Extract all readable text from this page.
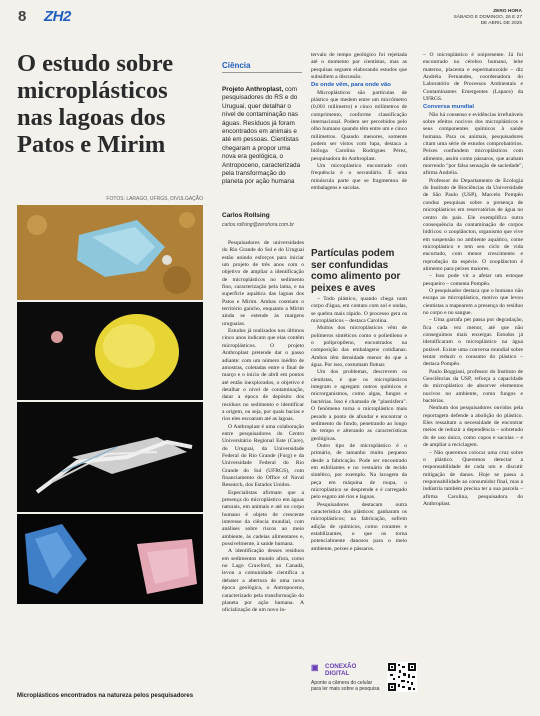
8 ZH2	ZERO HORA
SÁBADO E DOMINGO, 26 E 27 DE ABRIL DE 2025
O estudo sobre microplásticos nas lagoas dos Patos e Mirim
FOTOS: LARAGO, UFRGS, DIVULGAÇÃO
Microplásticos encontrados na natureza pelos pesquisadores
Ciência
Projeto Anthroplast, com pesquisadores do RS e do Uruguai, quer detalhar o nível de contaminação nas águas. Resíduos já foram encontrados em animais e até em pessoas. Cientistas chegaram a propor uma nova era geológica, o Antropoceno, caracterizada pela transformação do planeta por ação humana
Carlos Rollsing
carlos.rollsing@zerohora.com.br

Pesquisadores de universidades do Rio Grande do Sul e do Uruguai estão unindo esforços para iniciar um projeto de três anos com o objetivo de ampliar a identificação de microplásticos no sedimento fino, caracterização pela lama, e na superfície aquática das lagoas dos Patos e Mirim. Ambas costeiam o território gaúcho, enquanto a Mirim ainda se estende às margens uruguaias.

Estudos já realizados nos últimos cinco anos indicam que elas contêm microplásticos. O projeto Anthroplast pretende dar o passo adiante: com um número inédito de amostras, coletadas entre o final de março e o início de abril em pontos até então inexplorados, o objetivo é detalhar o nível de contaminação, datar a época de depósito dos resíduos no sedimento e identificar a origem, ou seja, por quais bacias e rios eles escoaram até as lagoas.

O Anthroplast é uma colaboração entre pesquisadores do Centro Universitário Regional Este (Cure), do Uruguai, da Universidade Federal do Rio Grande (Furg) e da Universidade Federal do Rio Grande do Sul (UFRGS), com financiamento do Office of Naval Research, dos Estados Unidos.

Especialistas afirmam que a presença do microplástico em águas naturais, em animais e até no corpo humano é objeto de crescente interesse da ciência mundial, com análises sobre riscos ao meio ambiente, às cadeias alimentares e, possivelmente, à saúde humana.

A identificação desses resíduos em sedimentos mundo afora, como no Lago Crawford, no Canadá, levou a comunidade científica a debater a abertura de uma nova época geológica, o Antropoceno, caracterizado pela transformação do planeta por ação humana. A oficialização de um novo in-

tervalo de tempo geológico foi rejeitada até o momento por cientistas, mas as pesquisas seguem elaborando estudos que subsidiem a discussão.

De onde vêm, para onde vão

Microplásticos são partículas de plástico que medem entre um micrômetro (0,001 milímetro) e cinco milímetros de comprimento, conforme classificação internacional. Podem ser percebidos pelo olho humano quando têm entre um e cinco milímetros. Quando menores, somente podem ser vistos com lupa, destaca a bióloga Carolina Rodrigues Pérez, pesquisadora do Anthroplast.

Um microplástico encontrado com frequência é o secundário. É uma minúscula parte que se fragmentou de embalagens e sacolas.

Partículas podem ser confundidas como alimento por peixes e aves

– Todo plástico, quando chega num corpo d'água, em contato com sol e ondas, se quebra mais rápido. O processo gera os microplásticos – destaca Carolina.

Muitos dos microplásticos vêm de polímeros sintéticos como o polietileno e o polipropileno, encontrados na composição das embalagens cotidianas. Ambos têm densidade menor do que a água. Por isso, costumam flutuar.

Um dos problemas, descrevem os cientistas, é que os microplásticos integram e agregam outros químicos e microrganismos, como algas, fungos e bactérias. Isso é chamado de "plastisfera". O fenômeno torna o microplástico mais pesado a ponto de afundar e encontrar o sedimento do fundo, penetrando ao longo do tempo e alterando as características geológicas.

Outro tipo de microplástico é o primário, de tamanho muito pequeno desde a fabricação. Pode ser encontrado em esfoliantes e no vestuário de tecido sintético, por exemplo. Na lavagem da peça em máquina de roupa, o microplástico se desprende e é carregado pelo esgoto até rios e lagoas.

Pesquisadores destacam outra característica dos plásticos: ganharam os microplásticos; na fabricação, sofrem adição de químicos, como corantes e estabilizantes, o que os torna potencialmente danosos para o meio ambiente, peixes e pássaros.

▣	CONEXÃO DIGITAL
Aponte a câmera do celular para ler mais sobre a pesquisa

– O microplástico é onipresente. Já foi encontrado no cérebro humano, leite materno, placenta e espermatozoide – diz Andréia Fernandes, coordenadora do Laboratório de Processos Ambientais e Contaminantes Emergentes (Lapace) da UFRGS.

Conversa mundial

Não há consenso e evidências irrefutáveis sobre efeitos nocivos dos microplásticos e seus componentes químicos à saúde humana. Para os animais, pesquisadores citam uma série de estudos comprobatórios. Peixes confundem microplásticos com alimento, assim como pássaros, que acabam morrendo "por falsa sensação de saciedade", afirma Andréia.

Professor do Departamento de Ecologia do Instituto de Biociências da Universidade de São Paulo (USP), Marcelo Pompêo conduz pesquisas sobre a presença de microplásticos em reservatórios de água no centro do país. Ele exemplifica outra consequência da contaminação de corpos hídricos: o zooplâncton, organismo que vive em suspensão no ambiente aquático, come microplástico e tem seu ciclo de vida encurtado, com menor crescimento e reprodução da espécie. O zooplâncton é alimento para peixes maiores.

– Isso pode vir a afetar um estoque pesqueiro – comenta Pompêo.

O pesquisador destaca que o humano não escapa ao microplástico, motivo que levou cientistas a mapearem a presença do resíduo no corpo e no sangue.

– Uma garrafa pet passa por degradação, fica cada vez menor, até que não conseguimos mais enxergar. Estudos já identificaram o microplástico na água potável. Existe uma conversa mundial sobre tentar reduzir o consumo do plástico – destaca Pompêo.

Paulo Boggiani, professor do Instituto de Geociências da USP, reforça a capacidade do microplástico de absorver elementos nocivos no ambiente, como fungos e bactérias.

Nenhum dos pesquisadores ouvidos pela reportagem defende a abolição do plástico. Eles ressaltam a necessidade de encontrar meios de reduzir a dependência – sobretudo do de uso único, como copos e sacolas – e de ampliar a reciclagem.

– Não queremos colocar uma cruz sobre o plástico. Queremos detectar a responsabilidade de cada um e discutir mitigação de danos. Hoje se passa a responsabilidade ao consumidor final, mas a indústria também precisa ter a sua parcela – afirma Carolina, pesquisadora do Anthroplast.
